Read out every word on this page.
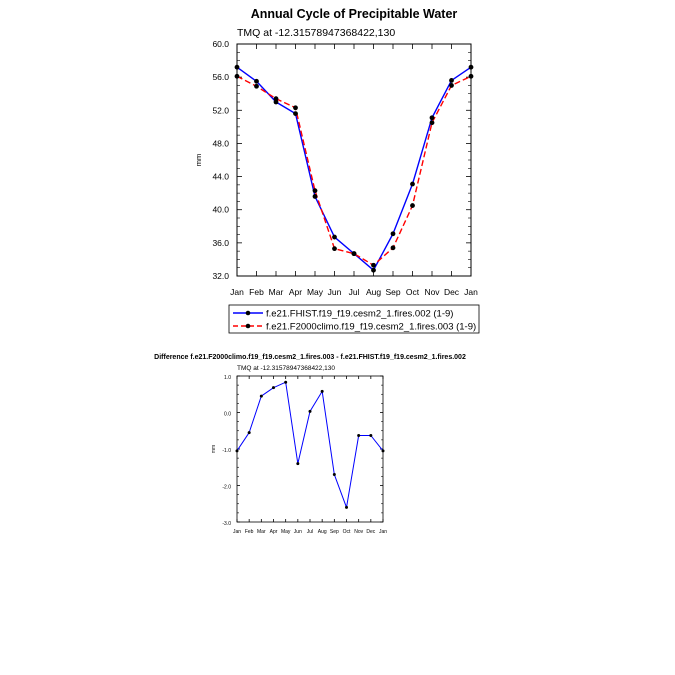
Annual Cycle of Precipitable Water
TMQ at -12.31578947368422,130
mm
32.0
36.0
40.0
44.0
48.0
52.0
56.0
60.0
Jan Feb Mar Apr May Jun Jul Aug Sep Oct Nov Dec Jan
f.e21.FHIST.f19_f19.cesm2_1.fires.002 (1-9)
f.e21.F2000climo.f19_f19.cesm2_1.fires.003 (1-9)
Difference f.e21.F2000climo.f19_f19.cesm2_1.fires.003 - f.e21.FHIST.f19_f19.cesm2_1.fires.002
TMQ at -12.31578947368422,130
mm
-3.0
-2.0
-1.0
0.0
1.0
Jan Feb Mar Apr May Jun Jul Aug Sep Oct Nov Dec Jan
